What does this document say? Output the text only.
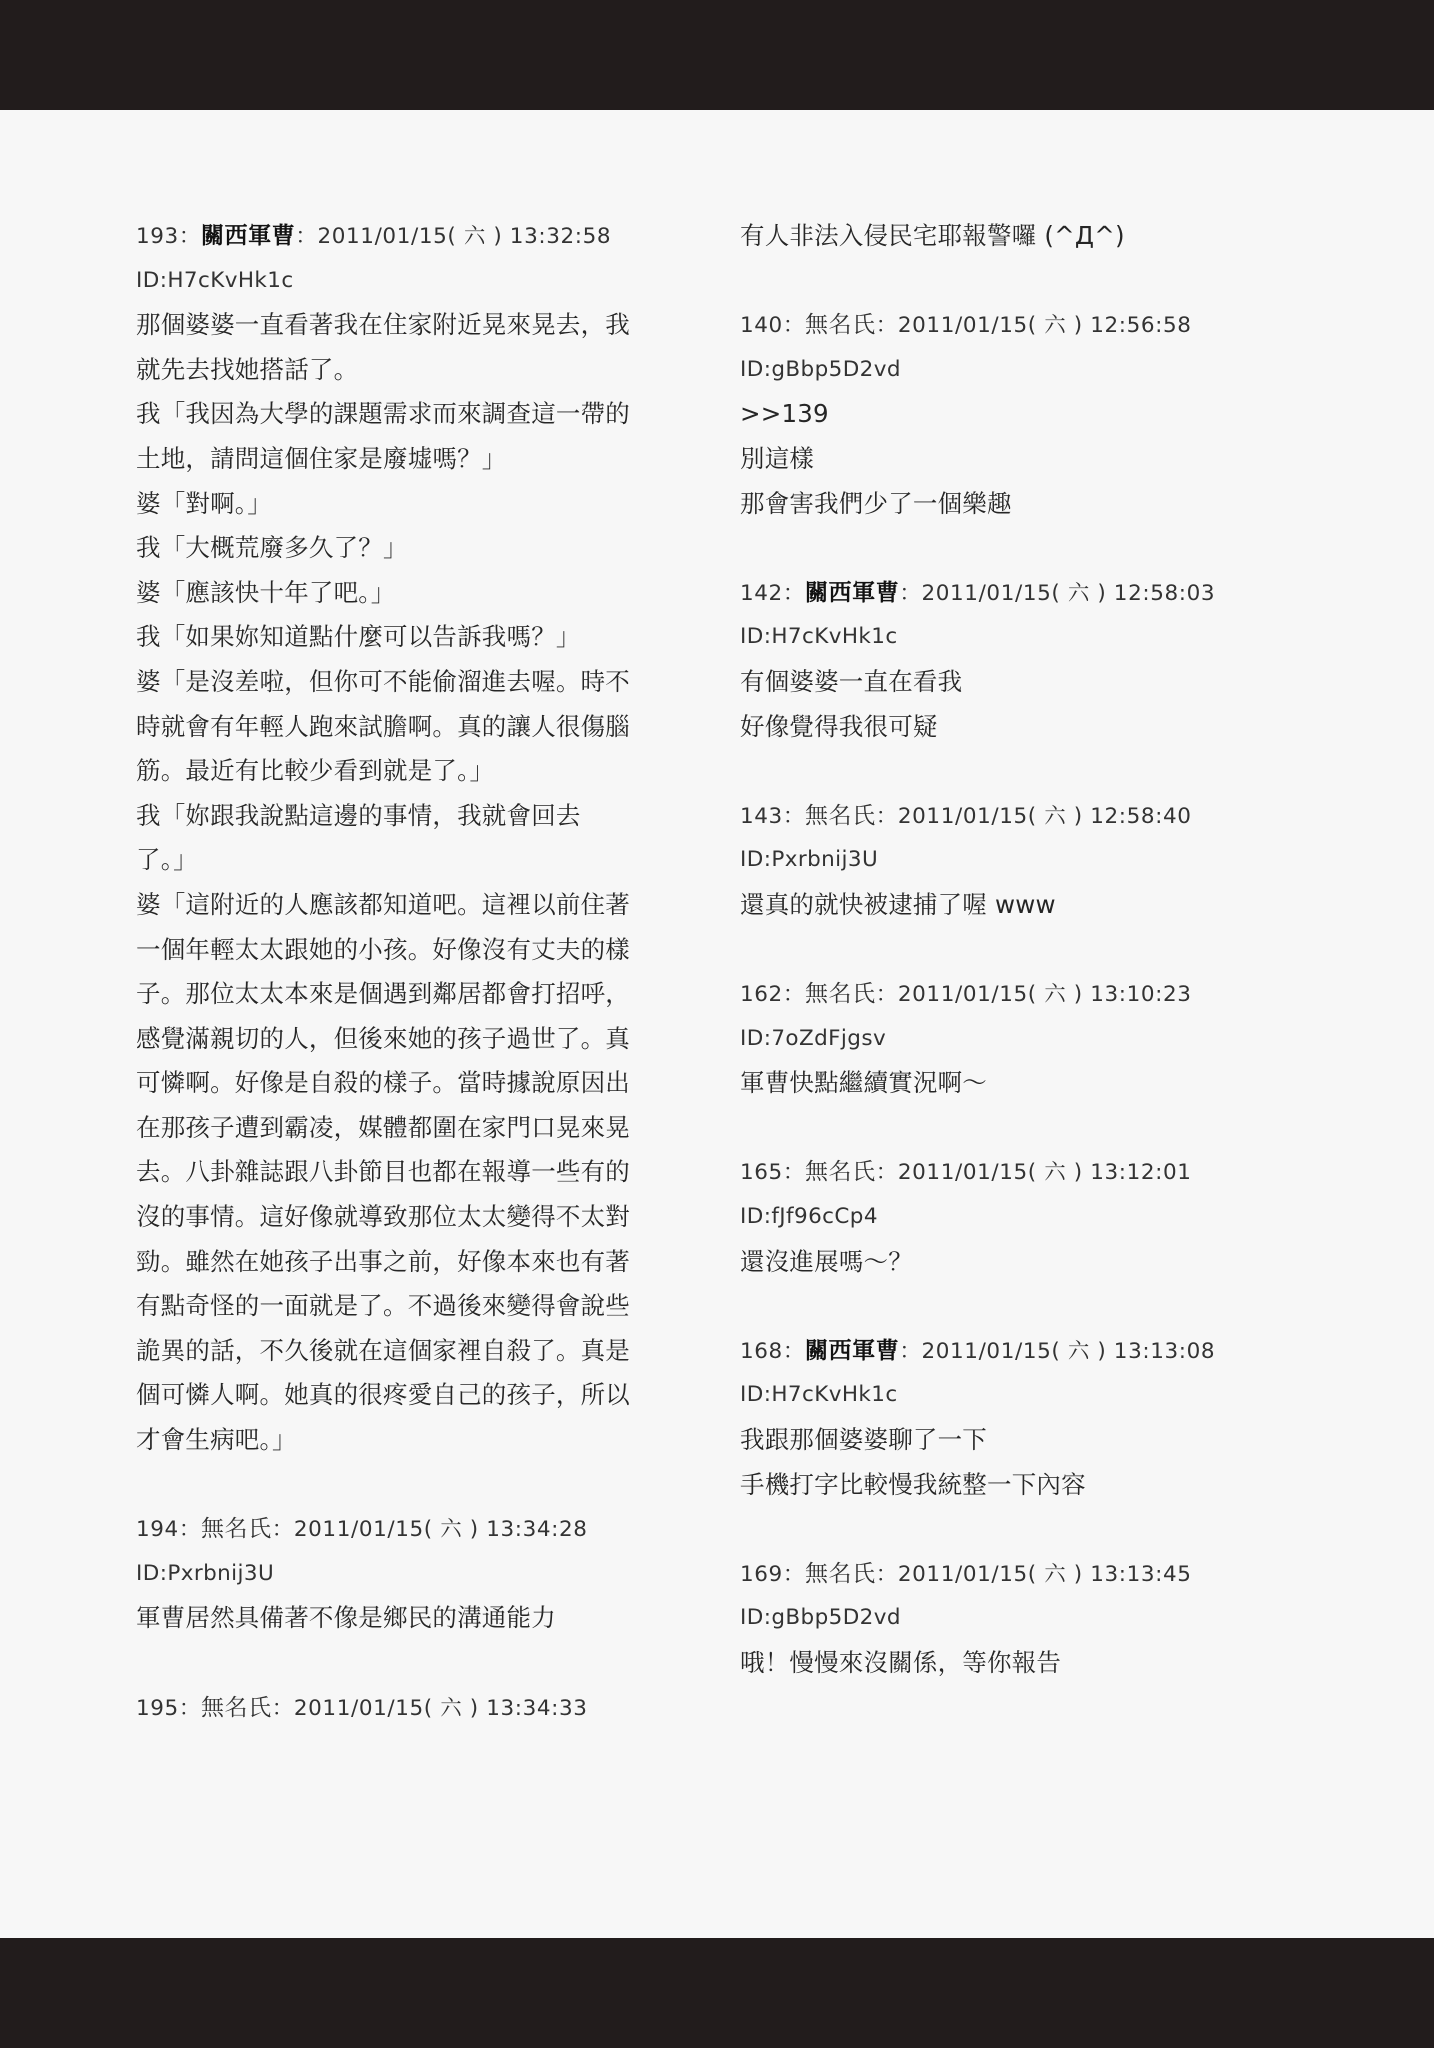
193：關西軍曹：2011/01/15( 六 ) 13:32:58
ID:H7cKvHk1c
那個婆婆一直看著我在住家附近晃來晃去，我
就先去找她搭話了。
我「我因為大學的課題需求而來調查這一帶的
土地，請問這個住家是廢墟嗎？」
婆「對啊。」
我「大概荒廢多久了？」
婆「應該快十年了吧。」
我「如果妳知道點什麼可以告訴我嗎？」
婆「是沒差啦，但你可不能偷溜進去喔。時不
時就會有年輕人跑來試膽啊。真的讓人很傷腦
筋。最近有比較少看到就是了。」
我「妳跟我說點這邊的事情，我就會回去
了。」
婆「這附近的人應該都知道吧。這裡以前住著
一個年輕太太跟她的小孩。好像沒有丈夫的樣
子。那位太太本來是個遇到鄰居都會打招呼，
感覺滿親切的人，但後來她的孩子過世了。真
可憐啊。好像是自殺的樣子。當時據說原因出
在那孩子遭到霸凌，媒體都圍在家門口晃來晃
去。八卦雜誌跟八卦節目也都在報導一些有的
沒的事情。這好像就導致那位太太變得不太對
勁。雖然在她孩子出事之前，好像本來也有著
有點奇怪的一面就是了。不過後來變得會說些
詭異的話，不久後就在這個家裡自殺了。真是
個可憐人啊。她真的很疼愛自己的孩子，所以
才會生病吧。」
194：無名氏：2011/01/15( 六 ) 13:34:28
ID:Pxrbnij3U
軍曹居然具備著不像是鄉民的溝通能力
195：無名氏：2011/01/15( 六 ) 13:34:33
有人非法入侵民宅耶報警囉 (^Д^)
140：無名氏：2011/01/15( 六 ) 12:56:58
ID:gBbp5D2vd
>>139
別這樣
那會害我們少了一個樂趣
142：關西軍曹：2011/01/15( 六 ) 12:58:03
ID:H7cKvHk1c
有個婆婆一直在看我
好像覺得我很可疑
143：無名氏：2011/01/15( 六 ) 12:58:40
ID:Pxrbnij3U
還真的就快被逮捕了喔 www
162：無名氏：2011/01/15( 六 ) 13:10:23
ID:7oZdFjgsv
軍曹快點繼續實況啊～
165：無名氏：2011/01/15( 六 ) 13:12:01
ID:fJf96cCp4
還沒進展嗎～？
168：關西軍曹：2011/01/15( 六 ) 13:13:08
ID:H7cKvHk1c
我跟那個婆婆聊了一下
手機打字比較慢我統整一下內容
169：無名氏：2011/01/15( 六 ) 13:13:45
ID:gBbp5D2vd
哦！慢慢來沒關係，等你報告
